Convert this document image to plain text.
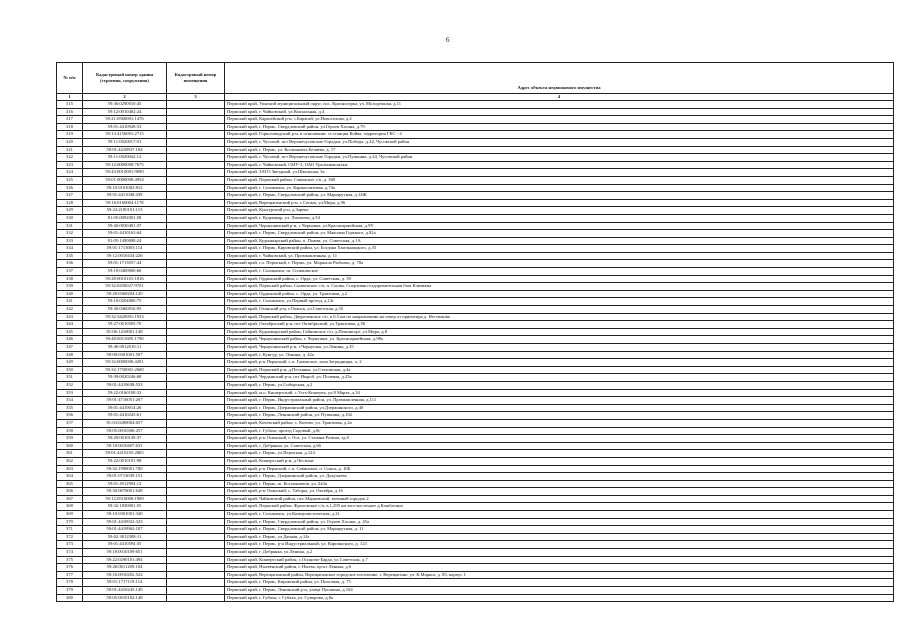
6
№ п/п	Кадастровый номер здания (строения, сооружения)	Кадастровый номер помещения	Адрес объекта недвижимого имущества
1	2	3	4
315	59:36:0290010:45		Пермский край, Уинский муниципальный округ, пос. Красногорка, ул. Молодежная, д.11
316	59:12:0010402:24		Пермский край, г. Чайковский, ул.Вокзальная, д.4
317	59:21:0560001:1476		Пермский край, Карагайский р-н, с.Карагай, ул.Новоселова, д.2
318	59:01:4410928:53		Пермский край, г. Пермь, Свердловский район, ул.Героев Хасана, д.79
319	59:13:4156001:2715		Пермский край, Горнозаводский р-н, в отношении: ст.станция Койва, территория ГКС - 4
320	59:11:0020017:91		Пермский край, г. Чусовой, пгт Верхнечусовские Городки, ул.Победы, д.22, Чусовской район
321	59:01:4410837:104		Пермский край, г. Пермь, ул. Космонавта Беляева, д. 17
322	59:11:0020042:12		Пермский край, г. Чусовой, пгт Верхнечусовские Городки, ул.Пушкина, д.24, Чусовской район
323	59:12:0000000:7675		Пермский край, г. Чайковский, СМУ-3, ОАО Уралхиммонтаж
324	59:43:0010001:9090		Пермский край, ЗАТО Звездный, ул.Школьная, 3а
325	59:01:0000000:4954		Пермский край, Пермский район, Савинское с/п, д. 360
326	59:10:0101002:812		Пермский край, г. Соликамск, ул. Карналлитовая, д.74а
327	59:01:4411040:439		Пермский край, г. Пермь, Свердловский район, ул. Маршрутная, д.14Ж
328	59:16:0160004:1178		Пермский край, Верещагинский р-н, с.Сепыч, ул.Мира, д.96
329	59:24:2180101:113		Пермский край, Кунгурский р-н, д.Зарека
330	81:05:0092001:58		Пермский край, г. Кудымкар, ул. Лихачева, д.54
331	59:40:0030401:37		Пермский край, Чернушинский р-н, с.Черновка, ул.Красноармейская, д.9V
332	59:01:4410163:64		Пермский край, г. Пермь, Свердловский район, ул. Максима Горького, д.82а
333	81:05:1490008:24		Пермский край, Кудымкарский район, п. Пожва, ул. Советская, д.1А
334	59:01:1713003:114		Пермский край, г. Пермь, Кировский район, ул. Богдана Хмельницкого, д.35
335	59:12:0010434:226		Пермский край, г. Чайковский, ул. Промышленная, д. 11
336	59:01:1713057:44		Пермский край, г.о. Пермский, г. Пермь, ул. Маршала Рыбалко, д. 78а
337	59:10:0400000:66		Пермский край, г. Соликамск, ш. Соликамское
338	59:28:0010101:1816		Пермский край, Ординский район, с. Орда, ул. Советская, д. 39
339	59:32:0450027:9701		Пермский край, Пермский район, Сылвенское с/п, п. Сылва, Спортивно-оздоровительная база Кливкена
340	59:28:0360204:120		Пермский край, Ординский район, с. Орда, ул. Трактовая, д.2
341	59:10:0204066:75		Пермский край, г. Соликамск, ул.Первый проезд, д.12г
342	59:30:0460016:95		Пермский край, Оханский р-н, г.Оханск, ул.Советская, д.35
343	59:32:3420001:1933		Пермский край, Пермский район, Двуреченское с/п, в 0,5 км по направлению на север от ориентира д. Нестюково
344	59:27:0010505:70		Пермский край, Октябрьский р-н, пгт Октябрьский, ул.Трактовая, д.56
345	81:06:1410001:148		Пермский край, Кудымкарский район, Гайнинское с/п, д.Пешнигорт, ул.Мира, д.8
346	59:40:0011685:1790		Пермский край, Чернушинский район, г. Чернушка, ул. Красноармейская, д.98а
347	59:40:0012010:11		Пермский край, Чернушинский р-н, г.Чернушка, ул.Ленина, д.35
348	59:08:0301001:507		Пермский край, г. Кунгур, ул. Ленина, д. 42а
349	59:32:0000000:4201		Пермский край, р-н Пермский, с.п. Гамовское, зона Загрядницы, ч. 2
350	59:32:1750001:2600		Пермский край, Пермский р-н, д.Песьянка, ул.Стаховская, д.4а
351	59:39:0020246:68		Пермский край, Чердынский р-н, пгт Ныроб, ул. Полевая, д.25а
352	59:01:4410638:533		Пермский край, г. Пермь, ул.Сибирская, д.2
353	59:22:0160108:33		Пермский край, м.о. Кишертский, с.Усть-Кишерть, ул.8 Марта, д.34
354	59:01:4716051:267		Пермский край, г. Пермь, Индустриальный район, ул. Промышленная, д.111
355	59:01:4410014:26		Пермский край, г. Пермь, Дзержинский район, ул.Дзержинского, д.40
356	59:01:4410245:61		Пермский край, г. Пермь, Ленинский район, ул. Пушкина, д.102
357	81:03:0280004:657		Пермский край, Кочевский район, с. Кочево, ул. Трактовая, д.2а
358	59:05:0010306:257		Пермский край, г. Губаха, проезд Садовый, д.8г
359	59:29:0010149:37		Пермский край, р-н Осинский, г. Оса, ул. Степана Разина, зд.8
360	59:18:0010407:631		Пермский край, г. Добрянка, ул. Советская, д.66
361	59:01:4410105:2865		Пермский край, г. Пермь, ул.Пермская, д.124
362	59:22:0010101:98		Пермский край, Кишертский р-н, д.Честные
363	59:32:1990001:780		Пермский край, р-н Пермский, с.п. Савинское, п. Сокол, д. 10Б
364	59:01:0713039:151		Пермский край, г. Пермь, Дзержинский район, ул. Докучаева
365	59:01:4912994:12		Пермский край, г. Пермь, ш. Космонавтов, ул. 244а
366	59:30:0670001:648		Пермский край, р-н Оханский, с. Таборы, ул. Октября, д.16
367	59:12:0510008:1900		Пермский край, Чайковский район, пос.Марковский, военный городок 2
368	59:32:1830001:55		Пермский край, Пермский район, Фроловское с/п, в 1,295 км юго-восточнее д.Кашбасино
369	59:10:0301001:340		Пермский край, г. Соликамск, ул.Коммунистическая, д.21
370	59:01:4410922:323		Пермский край, г. Пермь, Свердловский район, ул. Героев Хасана, д. 45а
371	59:01:4410962:107		Пермский край, г. Пермь, Свердловский район, ул. Маршрутная, д. 11
372	59:02:3012308:11		Пермский край, г. Пермь, ул.Дачная, д.14з
373	59:01:4410594:35		Пермский край, г. Пермь, р-н Индустриальный, ул. Карпинского, д. 123
374	59:18:0010109:651		Пермский край, г. Добрянка, ул.Ленина, д.2
375	59:22:0290101:494		Пермский край, Кишертский район, с.Осиново-Барда, ул.Советская, д.7
376	59:26:0611209:104		Пермский край, Нытвенский район, г. Нытва, пр-кт Ленина, д.6
377	59:16:0010202:522		Пермский край, Верещагинский район, Верещагинское городское поселение, г. Верещагино, ул. К.Маркса, д. 85, корпус 1
378	59:01:1717119:114		Пермский край, г. Пермь, Кировский район, ул. Пихтовая, д. 75
379	59:01:4410245:149		Пермский край, г. Пермь, Ленинский р-н, улица Пушкина, д.104
380	59:05:0010102:148		Пермский край, г. Губаха, г. Губаха, ул. Суворова, д.8а
